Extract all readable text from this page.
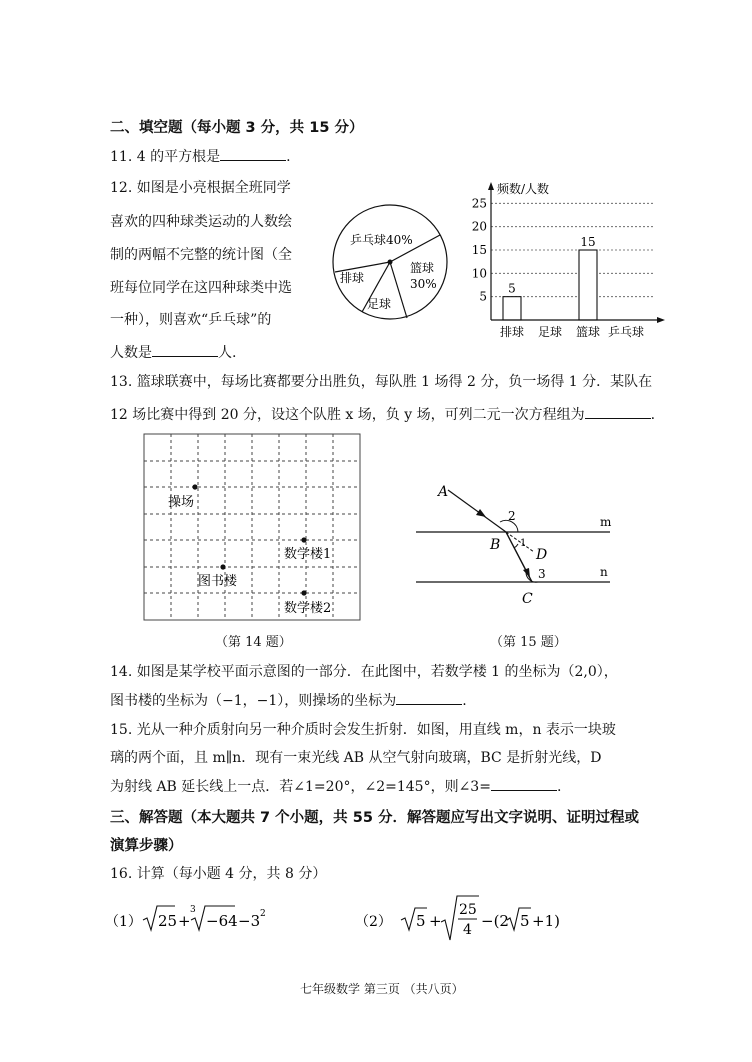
二、填空题（每小题 3 分，共 15 分）
11. 4 的平方根是	.
12. 如图是小亮根据全班同学
喜欢的四种球类运动的人数绘
制的两幅不完整的统计图（全
班每位同学在这四种球类中选
一种），则喜欢“乒乓球”的
人数是	人.
乒乓球40%
排球
篮球
30%
足球
5
10
15
20
25
5
15
排球 足球 篮球 乒乓球
频数/人数
13. 篮球联赛中，每场比赛都要分出胜负，每队胜 1 场得 2 分，负一场得 1 分．某队在
12 场比赛中得到 20 分，设这个队胜 x 场，负 y 场，可列二元一次方程组为	.
操场
数学楼1
图书楼
数学楼2
（第 14 题）
A
2	m
B
D
1
3	n
C
（第 15 题）
14. 如图是某学校平面示意图的一部分．在此图中，若数学楼 1 的坐标为（2,0），
图书楼的坐标为（−1，−1），则操场的坐标为	.
15. 光从一种介质射向另一种介质时会发生折射．如图，用直线 m，n 表示一块玻
璃的两个面，且 m∥n．现有一束光线 AB 从空气射向玻璃，BC 是折射光线，D
为射线 AB 延长线上一点．若∠1=20°，∠2=145°，则∠3=	.
三、解答题（本大题共 7 个小题，共 55 分．解答题应写出文字说明、证明过程或
演算步骤）
16. 计算（每小题 4 分，共 8 分）
（1） 25 +
3
−64 −3 2	（2） 5 +
25
4 −(2 5 +1)
七年级数学 第三页 （共八页）
